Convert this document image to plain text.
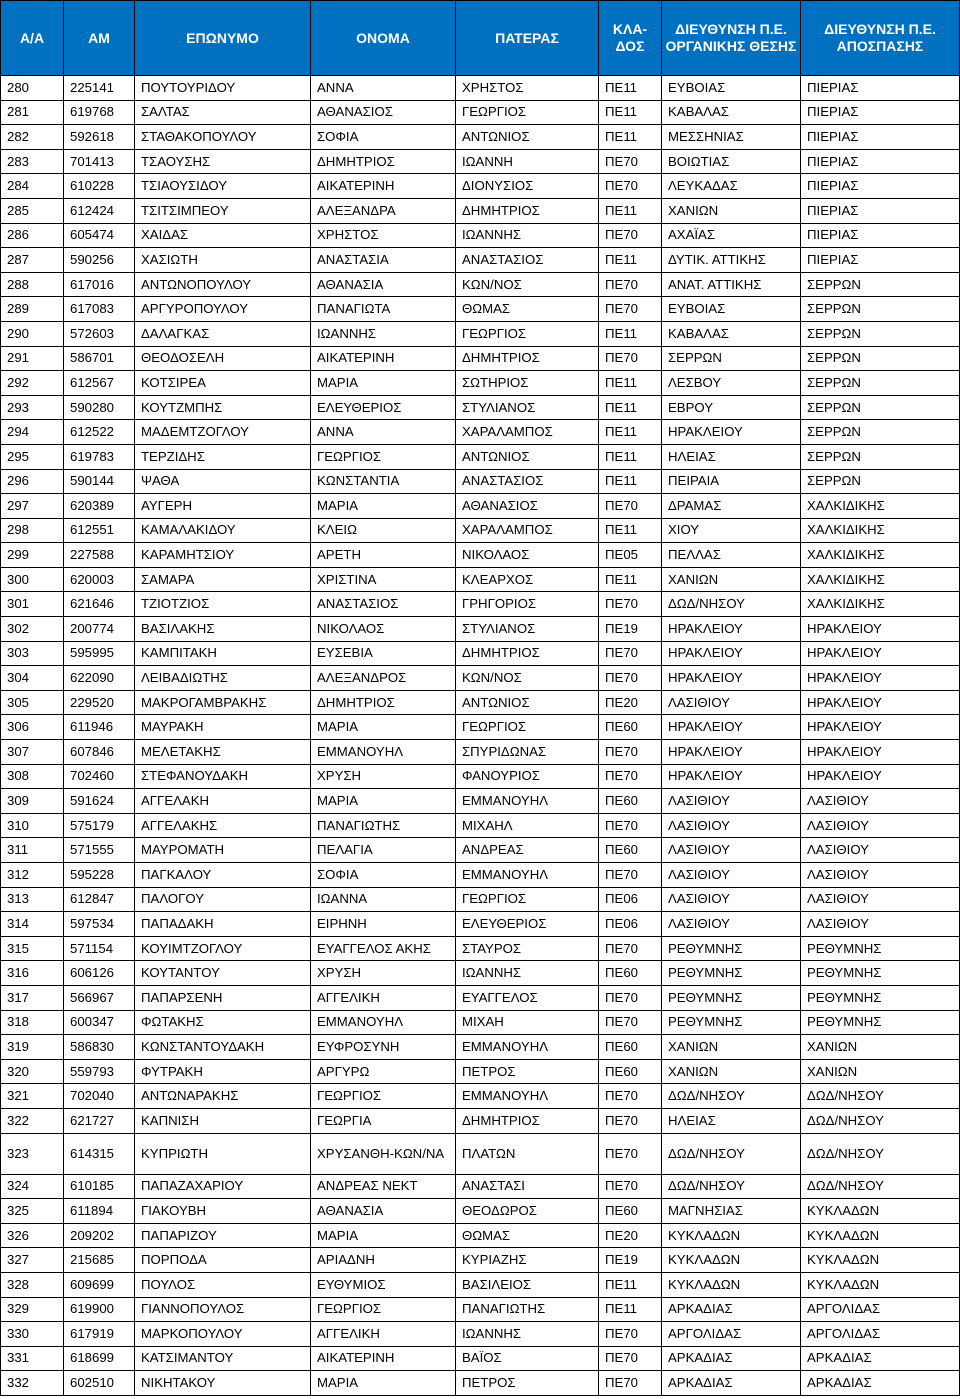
Α/Α	ΑΜ	ΕΠΩΝΥΜΟ	ΟΝΟΜΑ	ΠΑΤΕΡΑΣ	ΚΛΑ-ΔΟΣ	ΔΙΕΥΘΥΝΣΗ Π.Ε. ΟΡΓΑΝΙΚΗΣ ΘΕΣΗΣ	ΔΙΕΥΘΥΝΣΗ Π.Ε. ΑΠΟΣΠΑΣΗΣ
280	225141	ΠΟΥΤΟΥΡΙΔΟΥ	ΑΝΝΑ	ΧΡΗΣΤΟΣ	ΠΕ11	ΕΥΒΟΙΑΣ	ΠΙΕΡΙΑΣ
281	619768	ΣΑΛΤΑΣ	ΑΘΑΝΑΣΙΟΣ	ΓΕΩΡΓΙΟΣ	ΠΕ11	ΚΑΒΑΛΑΣ	ΠΙΕΡΙΑΣ
282	592618	ΣΤΑΘΑΚΟΠΟΥΛΟΥ	ΣΟΦΙΑ	ΑΝΤΩΝΙΟΣ	ΠΕ11	ΜΕΣΣΗΝΙΑΣ	ΠΙΕΡΙΑΣ
283	701413	ΤΣΑΟΥΣΗΣ	ΔΗΜΗΤΡΙΟΣ	ΙΩΑΝΝΗ	ΠΕ70	ΒΟΙΩΤΙΑΣ	ΠΙΕΡΙΑΣ
284	610228	ΤΣΙΑΟΥΣΙΔΟΥ	ΑΙΚΑΤΕΡΙΝΗ	ΔΙΟΝΥΣΙΟΣ	ΠΕ70	ΛΕΥΚΑΔΑΣ	ΠΙΕΡΙΑΣ
285	612424	ΤΣΙΤΣΙΜΠΕΟΥ	ΑΛΕΞΑΝΔΡΑ	ΔΗΜΗΤΡΙΟΣ	ΠΕ11	ΧΑΝΙΩΝ	ΠΙΕΡΙΑΣ
286	605474	ΧΑΙΔΑΣ	ΧΡΗΣΤΟΣ	ΙΩΑΝΝΗΣ	ΠΕ70	ΑΧΑΪΑΣ	ΠΙΕΡΙΑΣ
287	590256	ΧΑΣΙΩΤΗ	ΑΝΑΣΤΑΣΙΑ	ΑΝΑΣΤΑΣΙΟΣ	ΠΕ11	ΔΥΤΙΚ. ΑΤΤΙΚΗΣ	ΠΙΕΡΙΑΣ
288	617016	ΑΝΤΩΝΟΠΟΥΛΟΥ	ΑΘΑΝΑΣΙΑ	ΚΩΝ/ΝΟΣ	ΠΕ70	ΑΝΑΤ. ΑΤΤΙΚΗΣ	ΣΕΡΡΩΝ
289	617083	ΑΡΓΥΡΟΠΟΥΛΟΥ	ΠΑΝΑΓΙΩΤΑ	ΘΩΜΑΣ	ΠΕ70	ΕΥΒΟΙΑΣ	ΣΕΡΡΩΝ
290	572603	ΔΑΛΑΓΚΑΣ	ΙΩΑΝΝΗΣ	ΓΕΩΡΓΙΟΣ	ΠΕ11	ΚΑΒΑΛΑΣ	ΣΕΡΡΩΝ
291	586701	ΘΕΟΔΟΣΕΛΗ	ΑΙΚΑΤΕΡΙΝΗ	ΔΗΜΗΤΡΙΟΣ	ΠΕ70	ΣΕΡΡΩΝ	ΣΕΡΡΩΝ
292	612567	ΚΟΤΣΙΡΕΑ	ΜΑΡΙΑ	ΣΩΤΗΡΙΟΣ	ΠΕ11	ΛΕΣΒΟΥ	ΣΕΡΡΩΝ
293	590280	ΚΟΥΤΖΜΠΗΣ	ΕΛΕΥΘΕΡΙΟΣ	ΣΤΥΛΙΑΝΟΣ	ΠΕ11	ΕΒΡΟΥ	ΣΕΡΡΩΝ
294	612522	ΜΑΔΕΜΤΖΟΓΛΟΥ	ΑΝΝΑ	ΧΑΡΑΛΑΜΠΟΣ	ΠΕ11	ΗΡΑΚΛΕΙΟΥ	ΣΕΡΡΩΝ
295	619783	ΤΕΡΖΙΔΗΣ	ΓΕΩΡΓΙΟΣ	ΑΝΤΩΝΙΟΣ	ΠΕ11	ΗΛΕΙΑΣ	ΣΕΡΡΩΝ
296	590144	ΨΑΘΑ	ΚΩΝΣΤΑΝΤΙΑ	ΑΝΑΣΤΑΣΙΟΣ	ΠΕ11	ΠΕΙΡΑΙΑ	ΣΕΡΡΩΝ
297	620389	ΑΥΓΕΡΗ	ΜΑΡΙΑ	ΑΘΑΝΑΣΙΟΣ	ΠΕ70	ΔΡΑΜΑΣ	ΧΑΛΚΙΔΙΚΗΣ
298	612551	ΚΑΜΑΛΑΚΙΔΟΥ	ΚΛΕΙΩ	ΧΑΡΑΛΑΜΠΟΣ	ΠΕ11	ΧΙΟΥ	ΧΑΛΚΙΔΙΚΗΣ
299	227588	ΚΑΡΑΜΗΤΣΙΟΥ	ΑΡΕΤΗ	ΝΙΚΟΛΑΟΣ	ΠΕ05	ΠΕΛΛΑΣ	ΧΑΛΚΙΔΙΚΗΣ
300	620003	ΣΑΜΑΡΑ	ΧΡΙΣΤΙΝΑ	ΚΛΕΑΡΧΟΣ	ΠΕ11	ΧΑΝΙΩΝ	ΧΑΛΚΙΔΙΚΗΣ
301	621646	ΤΖΙΟΤΖΙΟΣ	ΑΝΑΣΤΑΣΙΟΣ	ΓΡΗΓΟΡΙΟΣ	ΠΕ70	ΔΩΔ/ΝΗΣΟΥ	ΧΑΛΚΙΔΙΚΗΣ
302	200774	ΒΑΣΙΛΑΚΗΣ	ΝΙΚΟΛΑΟΣ	ΣΤΥΛΙΑΝΟΣ	ΠΕ19	ΗΡΑΚΛΕΙΟΥ	ΗΡΑΚΛΕΙΟΥ
303	595995	ΚΑΜΠΙΤΑΚΗ	ΕΥΣΕΒΙΑ	ΔΗΜΗΤΡΙΟΣ	ΠΕ70	ΗΡΑΚΛΕΙΟΥ	ΗΡΑΚΛΕΙΟΥ
304	622090	ΛΕΙΒΑΔΙΩΤΗΣ	ΑΛΕΞΑΝΔΡΟΣ	ΚΩΝ/ΝΟΣ	ΠΕ70	ΗΡΑΚΛΕΙΟΥ	ΗΡΑΚΛΕΙΟΥ
305	229520	ΜΑΚΡΟΓΑΜΒΡΑΚΗΣ	ΔΗΜΗΤΡΙΟΣ	ΑΝΤΩΝΙΟΣ	ΠΕ20	ΛΑΣΙΘΙΟΥ	ΗΡΑΚΛΕΙΟΥ
306	611946	ΜΑΥΡΑΚΗ	ΜΑΡΙΑ	ΓΕΩΡΓΙΟΣ	ΠΕ60	ΗΡΑΚΛΕΙΟΥ	ΗΡΑΚΛΕΙΟΥ
307	607846	ΜΕΛΕΤΑΚΗΣ	ΕΜΜΑΝΟΥΗΛ	ΣΠΥΡΙΔΩΝΑΣ	ΠΕ70	ΗΡΑΚΛΕΙΟΥ	ΗΡΑΚΛΕΙΟΥ
308	702460	ΣΤΕΦΑΝΟΥΔΑΚΗ	ΧΡΥΣΗ	ΦΑΝΟΥΡΙΟΣ	ΠΕ70	ΗΡΑΚΛΕΙΟΥ	ΗΡΑΚΛΕΙΟΥ
309	591624	ΑΓΓΕΛΑΚΗ	ΜΑΡΙΑ	ΕΜΜΑΝΟΥΗΛ	ΠΕ60	ΛΑΣΙΘΙΟΥ	ΛΑΣΙΘΙΟΥ
310	575179	ΑΓΓΕΛΑΚΗΣ	ΠΑΝΑΓΙΩΤΗΣ	ΜΙΧΑΗΛ	ΠΕ70	ΛΑΣΙΘΙΟΥ	ΛΑΣΙΘΙΟΥ
311	571555	ΜΑΥΡΟΜΑΤΗ	ΠΕΛΑΓΙΑ	ΑΝΔΡΕΑΣ	ΠΕ60	ΛΑΣΙΘΙΟΥ	ΛΑΣΙΘΙΟΥ
312	595228	ΠΑΓΚΑΛΟΥ	ΣΟΦΙΑ	ΕΜΜΑΝΟΥΗΛ	ΠΕ70	ΛΑΣΙΘΙΟΥ	ΛΑΣΙΘΙΟΥ
313	612847	ΠΑΛΟΓΟΥ	ΙΩΑΝΝΑ	ΓΕΩΡΓΙΟΣ	ΠΕ06	ΛΑΣΙΘΙΟΥ	ΛΑΣΙΘΙΟΥ
314	597534	ΠΑΠΑΔΑΚΗ	ΕΙΡΗΝΗ	ΕΛΕΥΘΕΡΙΟΣ	ΠΕ06	ΛΑΣΙΘΙΟΥ	ΛΑΣΙΘΙΟΥ
315	571154	ΚΟΥΙΜΤΖΟΓΛΟΥ	ΕΥΑΓΓΕΛΟΣ ΑΚΗΣ	ΣΤΑΥΡΟΣ	ΠΕ70	ΡΕΘΥΜΝΗΣ	ΡΕΘΥΜΝΗΣ
316	606126	ΚΟΥΤΑΝΤΟΥ	ΧΡΥΣΗ	ΙΩΑΝΝΗΣ	ΠΕ60	ΡΕΘΥΜΝΗΣ	ΡΕΘΥΜΝΗΣ
317	566967	ΠΑΠΑΡΣΕΝΗ	ΑΓΓΕΛΙΚΗ	ΕΥΑΓΓΕΛΟΣ	ΠΕ70	ΡΕΘΥΜΝΗΣ	ΡΕΘΥΜΝΗΣ
318	600347	ΦΩΤΑΚΗΣ	ΕΜΜΑΝΟΥΗΛ	ΜΙΧΑΗ	ΠΕ70	ΡΕΘΥΜΝΗΣ	ΡΕΘΥΜΝΗΣ
319	586830	ΚΩΝΣΤΑΝΤΟΥΔΑΚΗ	ΕΥΦΡΟΣΥΝΗ	ΕΜΜΑΝΟΥΗΛ	ΠΕ60	ΧΑΝΙΩΝ	ΧΑΝΙΩΝ
320	559793	ΦΥΤΡΑΚΗ	ΑΡΓΥΡΩ	ΠΕΤΡΟΣ	ΠΕ60	ΧΑΝΙΩΝ	ΧΑΝΙΩΝ
321	702040	ΑΝΤΩΝΑΡΑΚΗΣ	ΓΕΩΡΓΙΟΣ	ΕΜΜΑΝΟΥΗΛ	ΠΕ70	ΔΩΔ/ΝΗΣΟΥ	ΔΩΔ/ΝΗΣΟΥ
322	621727	ΚΑΠΝΙΣΗ	ΓΕΩΡΓΙΑ	ΔΗΜΗΤΡΙΟΣ	ΠΕ70	ΗΛΕΙΑΣ	ΔΩΔ/ΝΗΣΟΥ
323	614315	ΚΥΠΡΙΩΤΗ	ΧΡΥΣΑΝΘΗ-ΚΩΝ/ΝΑ	ΠΛΑΤΩΝ	ΠΕ70	ΔΩΔ/ΝΗΣΟΥ	ΔΩΔ/ΝΗΣΟΥ
324	610185	ΠΑΠΑΖΑΧΑΡΙΟΥ	ΑΝΔΡΕΑΣ ΝΕΚΤ	ΑΝΑΣΤΑΣΙ	ΠΕ70	ΔΩΔ/ΝΗΣΟΥ	ΔΩΔ/ΝΗΣΟΥ
325	611894	ΓΙΑΚΟΥΒΗ	ΑΘΑΝΑΣΙΑ	ΘΕΟΔΩΡΟΣ	ΠΕ60	ΜΑΓΝΗΣΙΑΣ	ΚΥΚΛΑΔΩΝ
326	209202	ΠΑΠΑΡΙΖΟΥ	ΜΑΡΙΑ	ΘΩΜΑΣ	ΠΕ20	ΚΥΚΛΑΔΩΝ	ΚΥΚΛΑΔΩΝ
327	215685	ΠΟΡΠΟΔΑ	ΑΡΙΑΔΝΗ	ΚΥΡΙΑΖΗΣ	ΠΕ19	ΚΥΚΛΑΔΩΝ	ΚΥΚΛΑΔΩΝ
328	609699	ΠΟΥΛΟΣ	ΕΥΘΥΜΙΟΣ	ΒΑΣΙΛΕΙΟΣ	ΠΕ11	ΚΥΚΛΑΔΩΝ	ΚΥΚΛΑΔΩΝ
329	619900	ΓΙΑΝΝΟΠΟΥΛΟΣ	ΓΕΩΡΓΙΟΣ	ΠΑΝΑΓΙΩΤΗΣ	ΠΕ11	ΑΡΚΑΔΙΑΣ	ΑΡΓΟΛΙΔΑΣ
330	617919	ΜΑΡΚΟΠΟΥΛΟΥ	ΑΓΓΕΛΙΚΗ	ΙΩΑΝΝΗΣ	ΠΕ70	ΑΡΓΟΛΙΔΑΣ	ΑΡΓΟΛΙΔΑΣ
331	618699	ΚΑΤΣΙΜΑΝΤΟΥ	ΑΙΚΑΤΕΡΙΝΗ	ΒΑΪΟΣ	ΠΕ70	ΑΡΚΑΔΙΑΣ	ΑΡΚΑΔΙΑΣ
332	602510	ΝΙΚΗΤΑΚΟΥ	ΜΑΡΙΑ	ΠΕΤΡΟΣ	ΠΕ70	ΑΡΚΑΔΙΑΣ	ΑΡΚΑΔΙΑΣ
